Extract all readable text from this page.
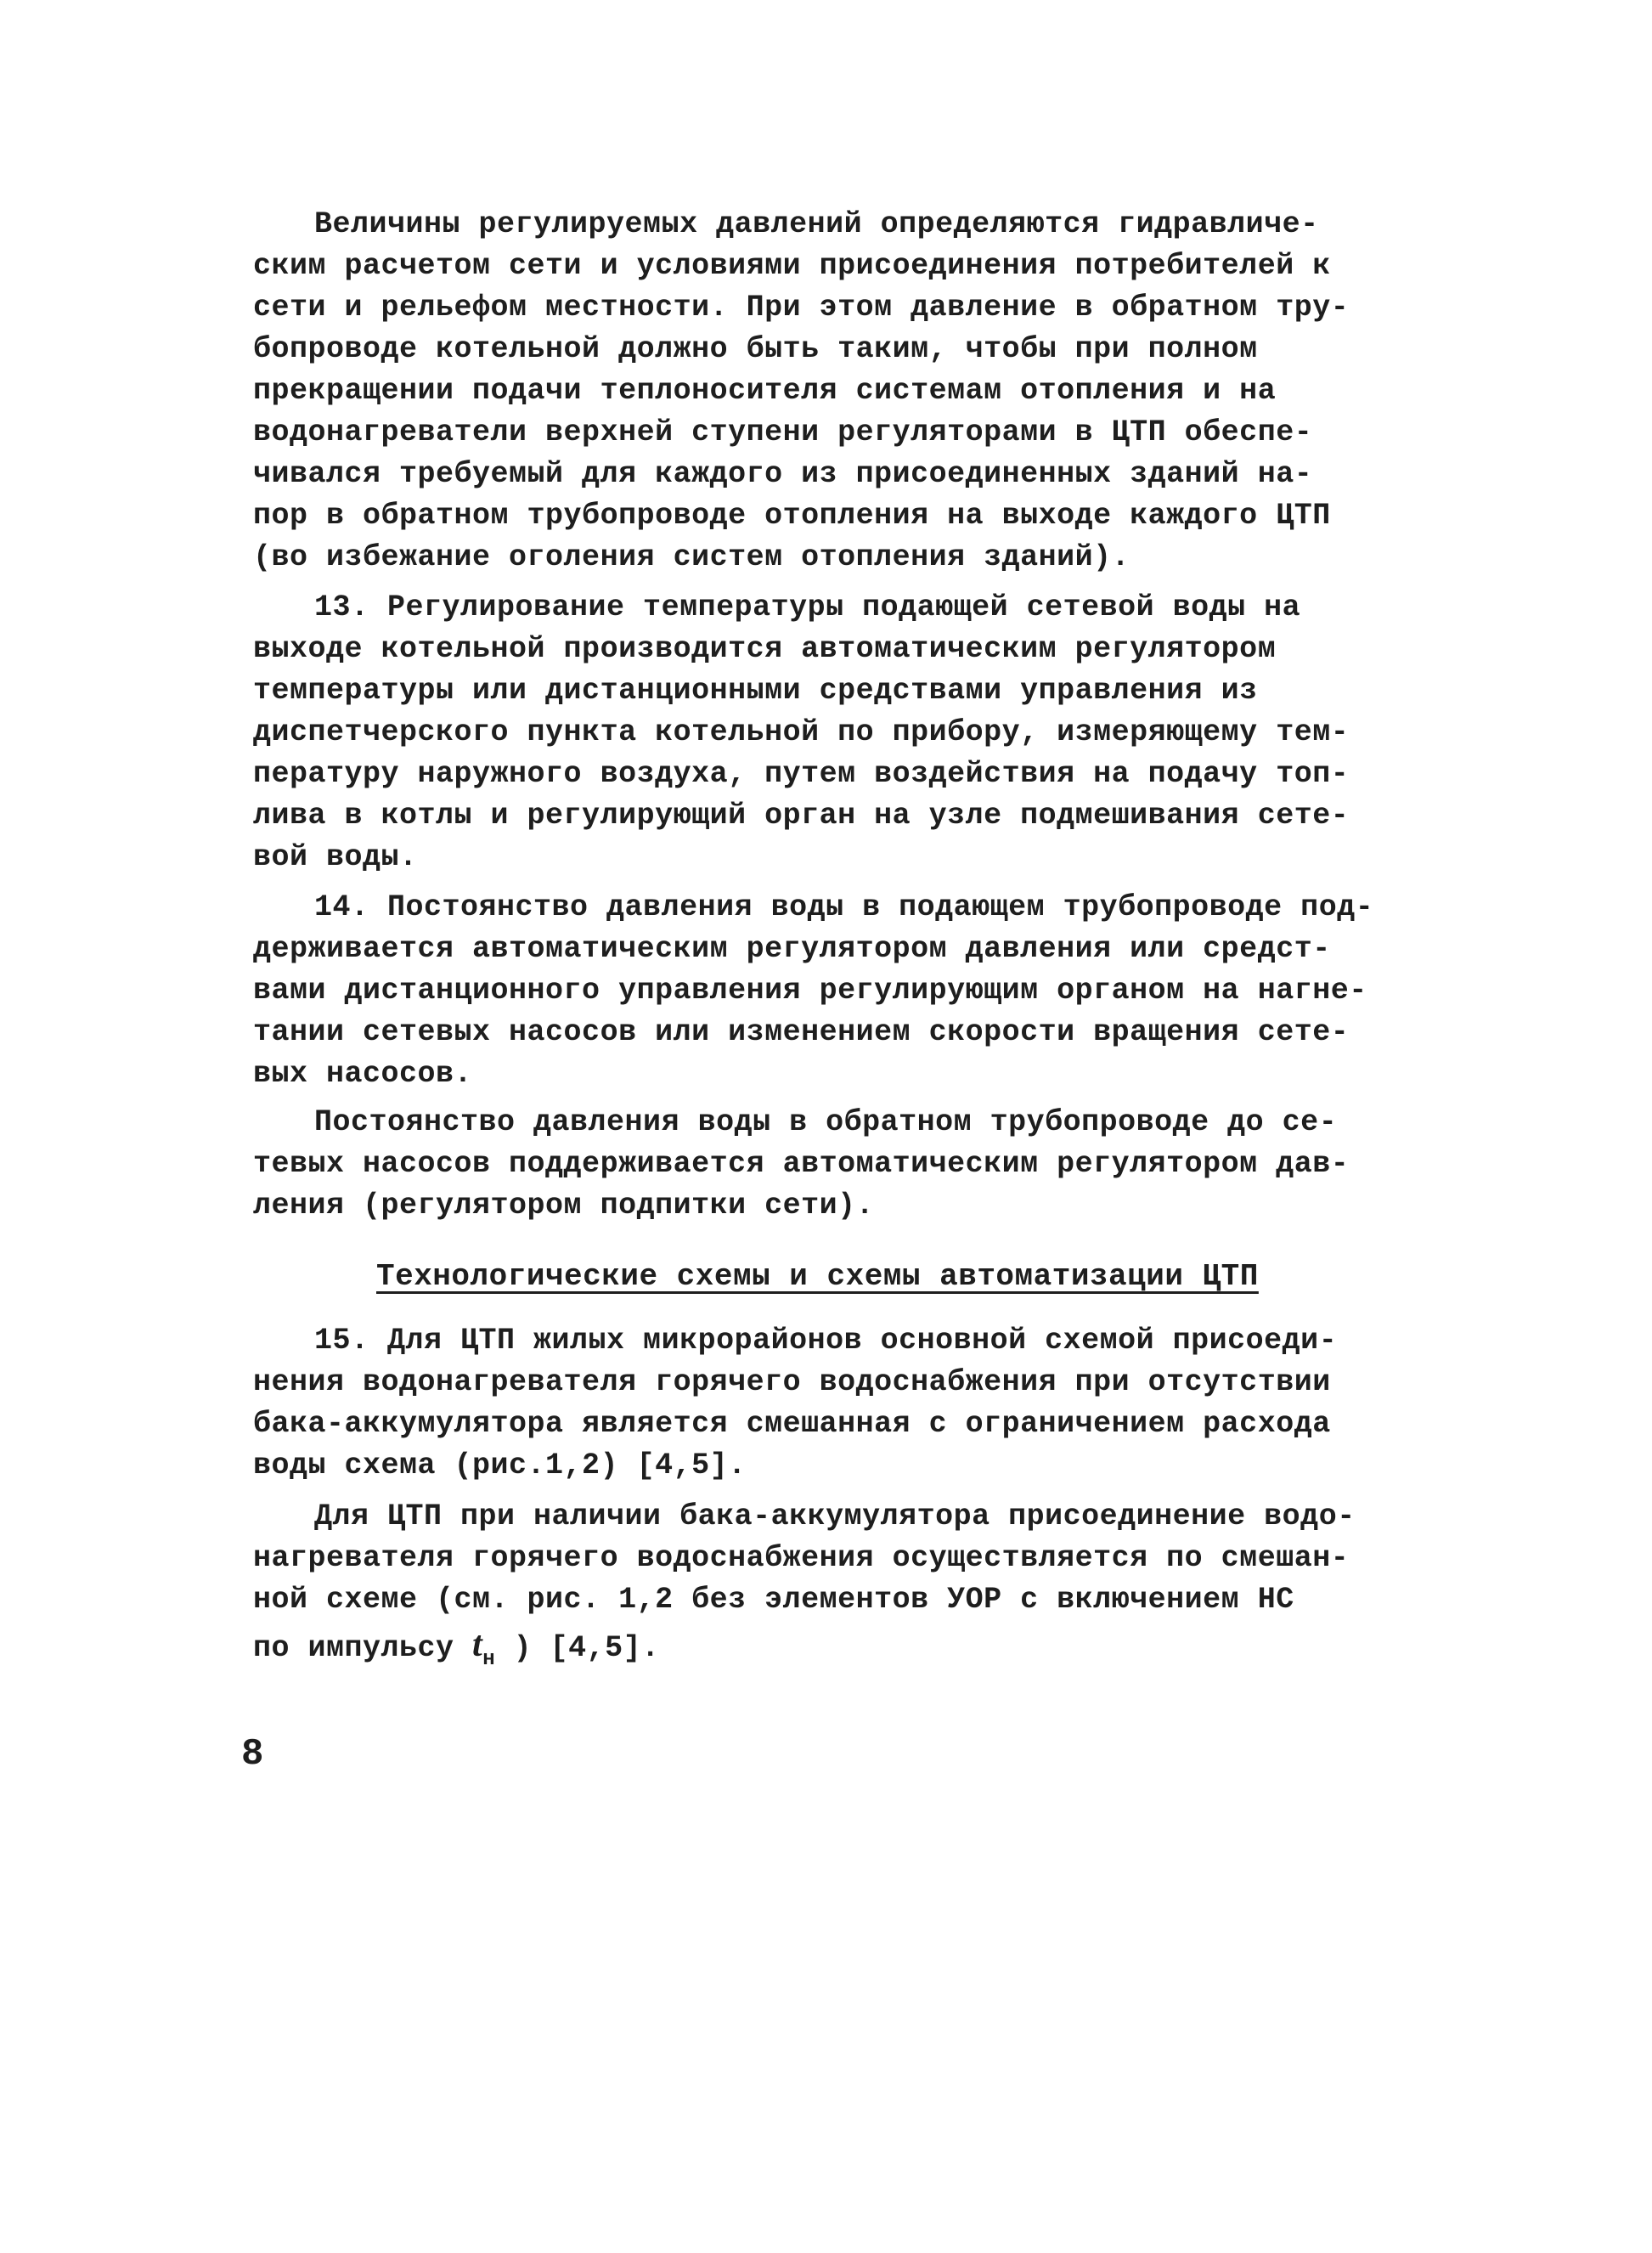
Величины регулируемых давлений определяются гидравличе-
ским расчетом сети и условиями присоединения потребителей к
сети и рельефом местности. При этом давление в обратном тру-
бопроводе котельной должно быть таким, чтобы при полном
прекращении подачи теплоносителя системам отопления и на
водонагреватели верхней ступени регуляторами в ЦТП обеспе-
чивался требуемый для каждого из присоединенных зданий на-
пор в обратном трубопроводе отопления на выходе каждого ЦТП
(во избежание оголения систем отопления зданий).
13. Регулирование температуры подающей сетевой воды на
выходе котельной производится автоматическим регулятором
температуры или дистанционными средствами управления из
диспетчерского пункта котельной по прибору, измеряющему тем-
пературу наружного воздуха, путем воздействия на подачу топ-
лива в котлы и регулирующий орган на узле подмешивания сете-
вой воды.
14. Постоянство давления воды в подающем трубопроводе под-
держивается автоматическим регулятором давления или средст-
вами дистанционного управления регулирующим органом на нагне-
тании сетевых насосов или изменением скорости вращения сете-
вых насосов.
Постоянство давления воды в обратном трубопроводе до се-
тевых насосов поддерживается автоматическим регулятором дав-
ления (регулятором подпитки сети).
Технологические схемы и схемы автоматизации ЦТП
15. Для ЦТП жилых микрорайонов основной схемой присоеди-
нения водонагревателя горячего водоснабжения при отсутствии
бака-аккумулятора является смешанная с ограничением расхода
воды схема (рис.1,2) [4,5].
Для ЦТП при наличии бака-аккумулятора присоединение водо-
нагревателя горячего водоснабжения осуществляется по смешан-
ной схеме (см. рис. 1,2 без элементов УОР с включением НС
по импульсу $t_н$ ) [4,5].
8
